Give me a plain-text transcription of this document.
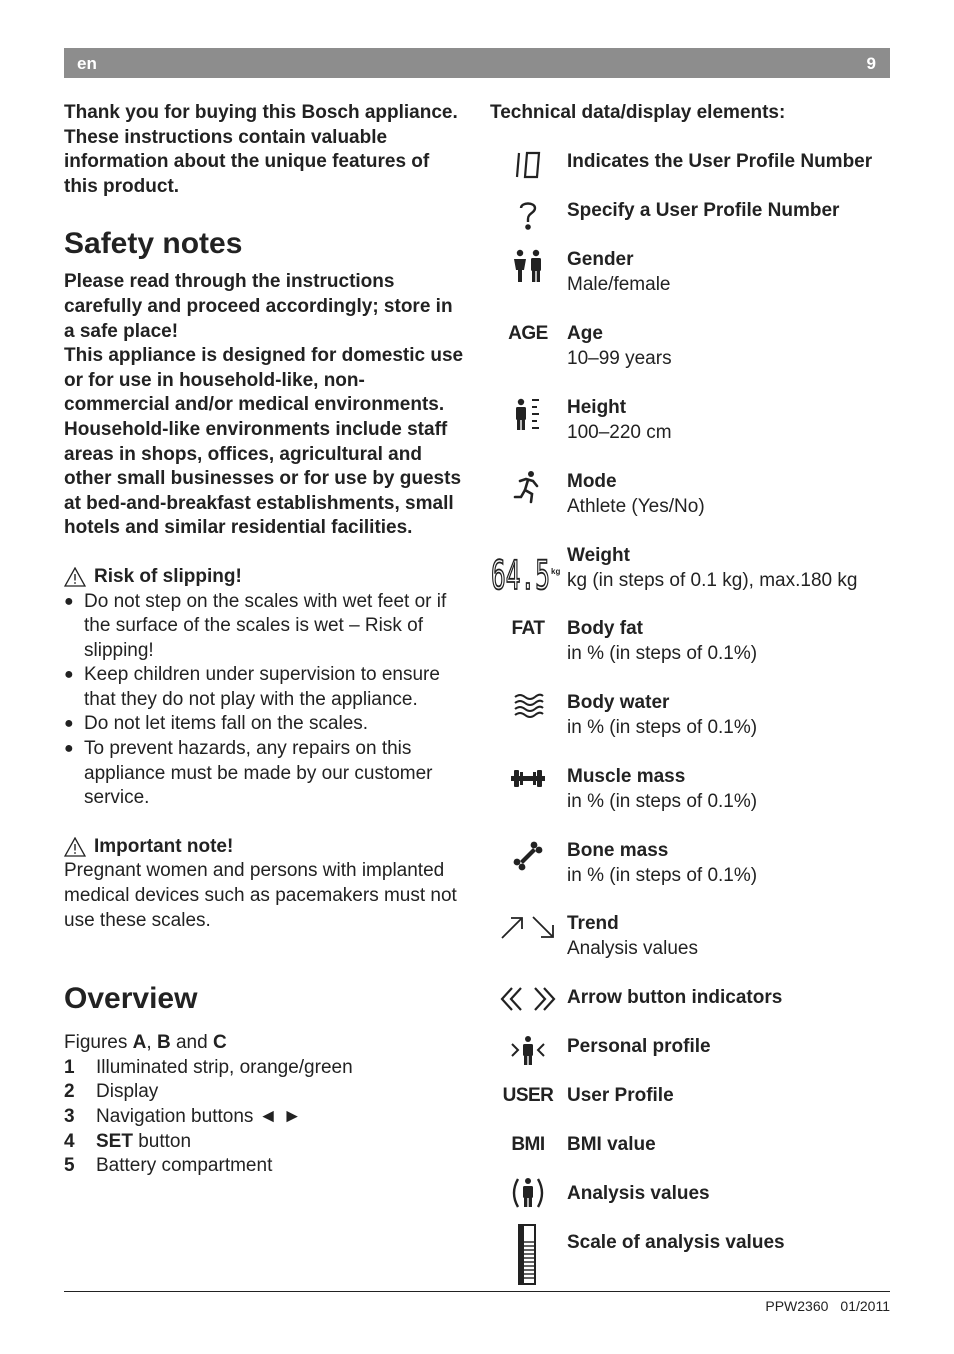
en	9
Thank you for buying this Bosch appliance. These instructions contain valuable information about the unique features of this product.
Safety notes
Please read through the instructions carefully and proceed accordingly; store in a safe place!
This appliance is designed for domestic use or for use in household-like, non-commercial and/or medical environments. Household-like environments include staff areas in shops, offices, agricultural and other small businesses or for use by guests at bed-and-breakfast establishments, small hotels and similar residential facilities.
Risk of slipping!
● Do not step on the scales with wet feet or if the surface of the scales is wet – Risk of slipping!
● Keep children under supervision to ensure that they do not play with the appliance.
● Do not let items fall on the scales.
● To prevent hazards, any repairs on this appliance must be made by our customer service.
Important note!
Pregnant women and persons with implanted medical devices such as pacemakers must not use these scales.
Overview
Figures A, B and C
1	Illuminated strip, orange/green
2	Display
3	Navigation buttons ◄ ►
4	SET button
5	Battery compartment
Technical data/display elements:
Indicates the User Profile Number
Specify a User Profile Number
Gender
Male/female
AGE Age
10–99 years
Height
100–220 cm
Mode
Athlete (Yes/No)
64.5 kg
Weight
kg (in steps of 0.1 kg), max.180 kg
FAT Body fat
in % (in steps of 0.1%)
Body water
in % (in steps of 0.1%)
Muscle mass
in % (in steps of 0.1%)
Bone mass
in % (in steps of 0.1%)
Trend
Analysis values
Arrow button indicators
Personal profile
USER User Profile
BMI BMI value
Analysis values
Scale of analysis values
PPW2360 01/2011
